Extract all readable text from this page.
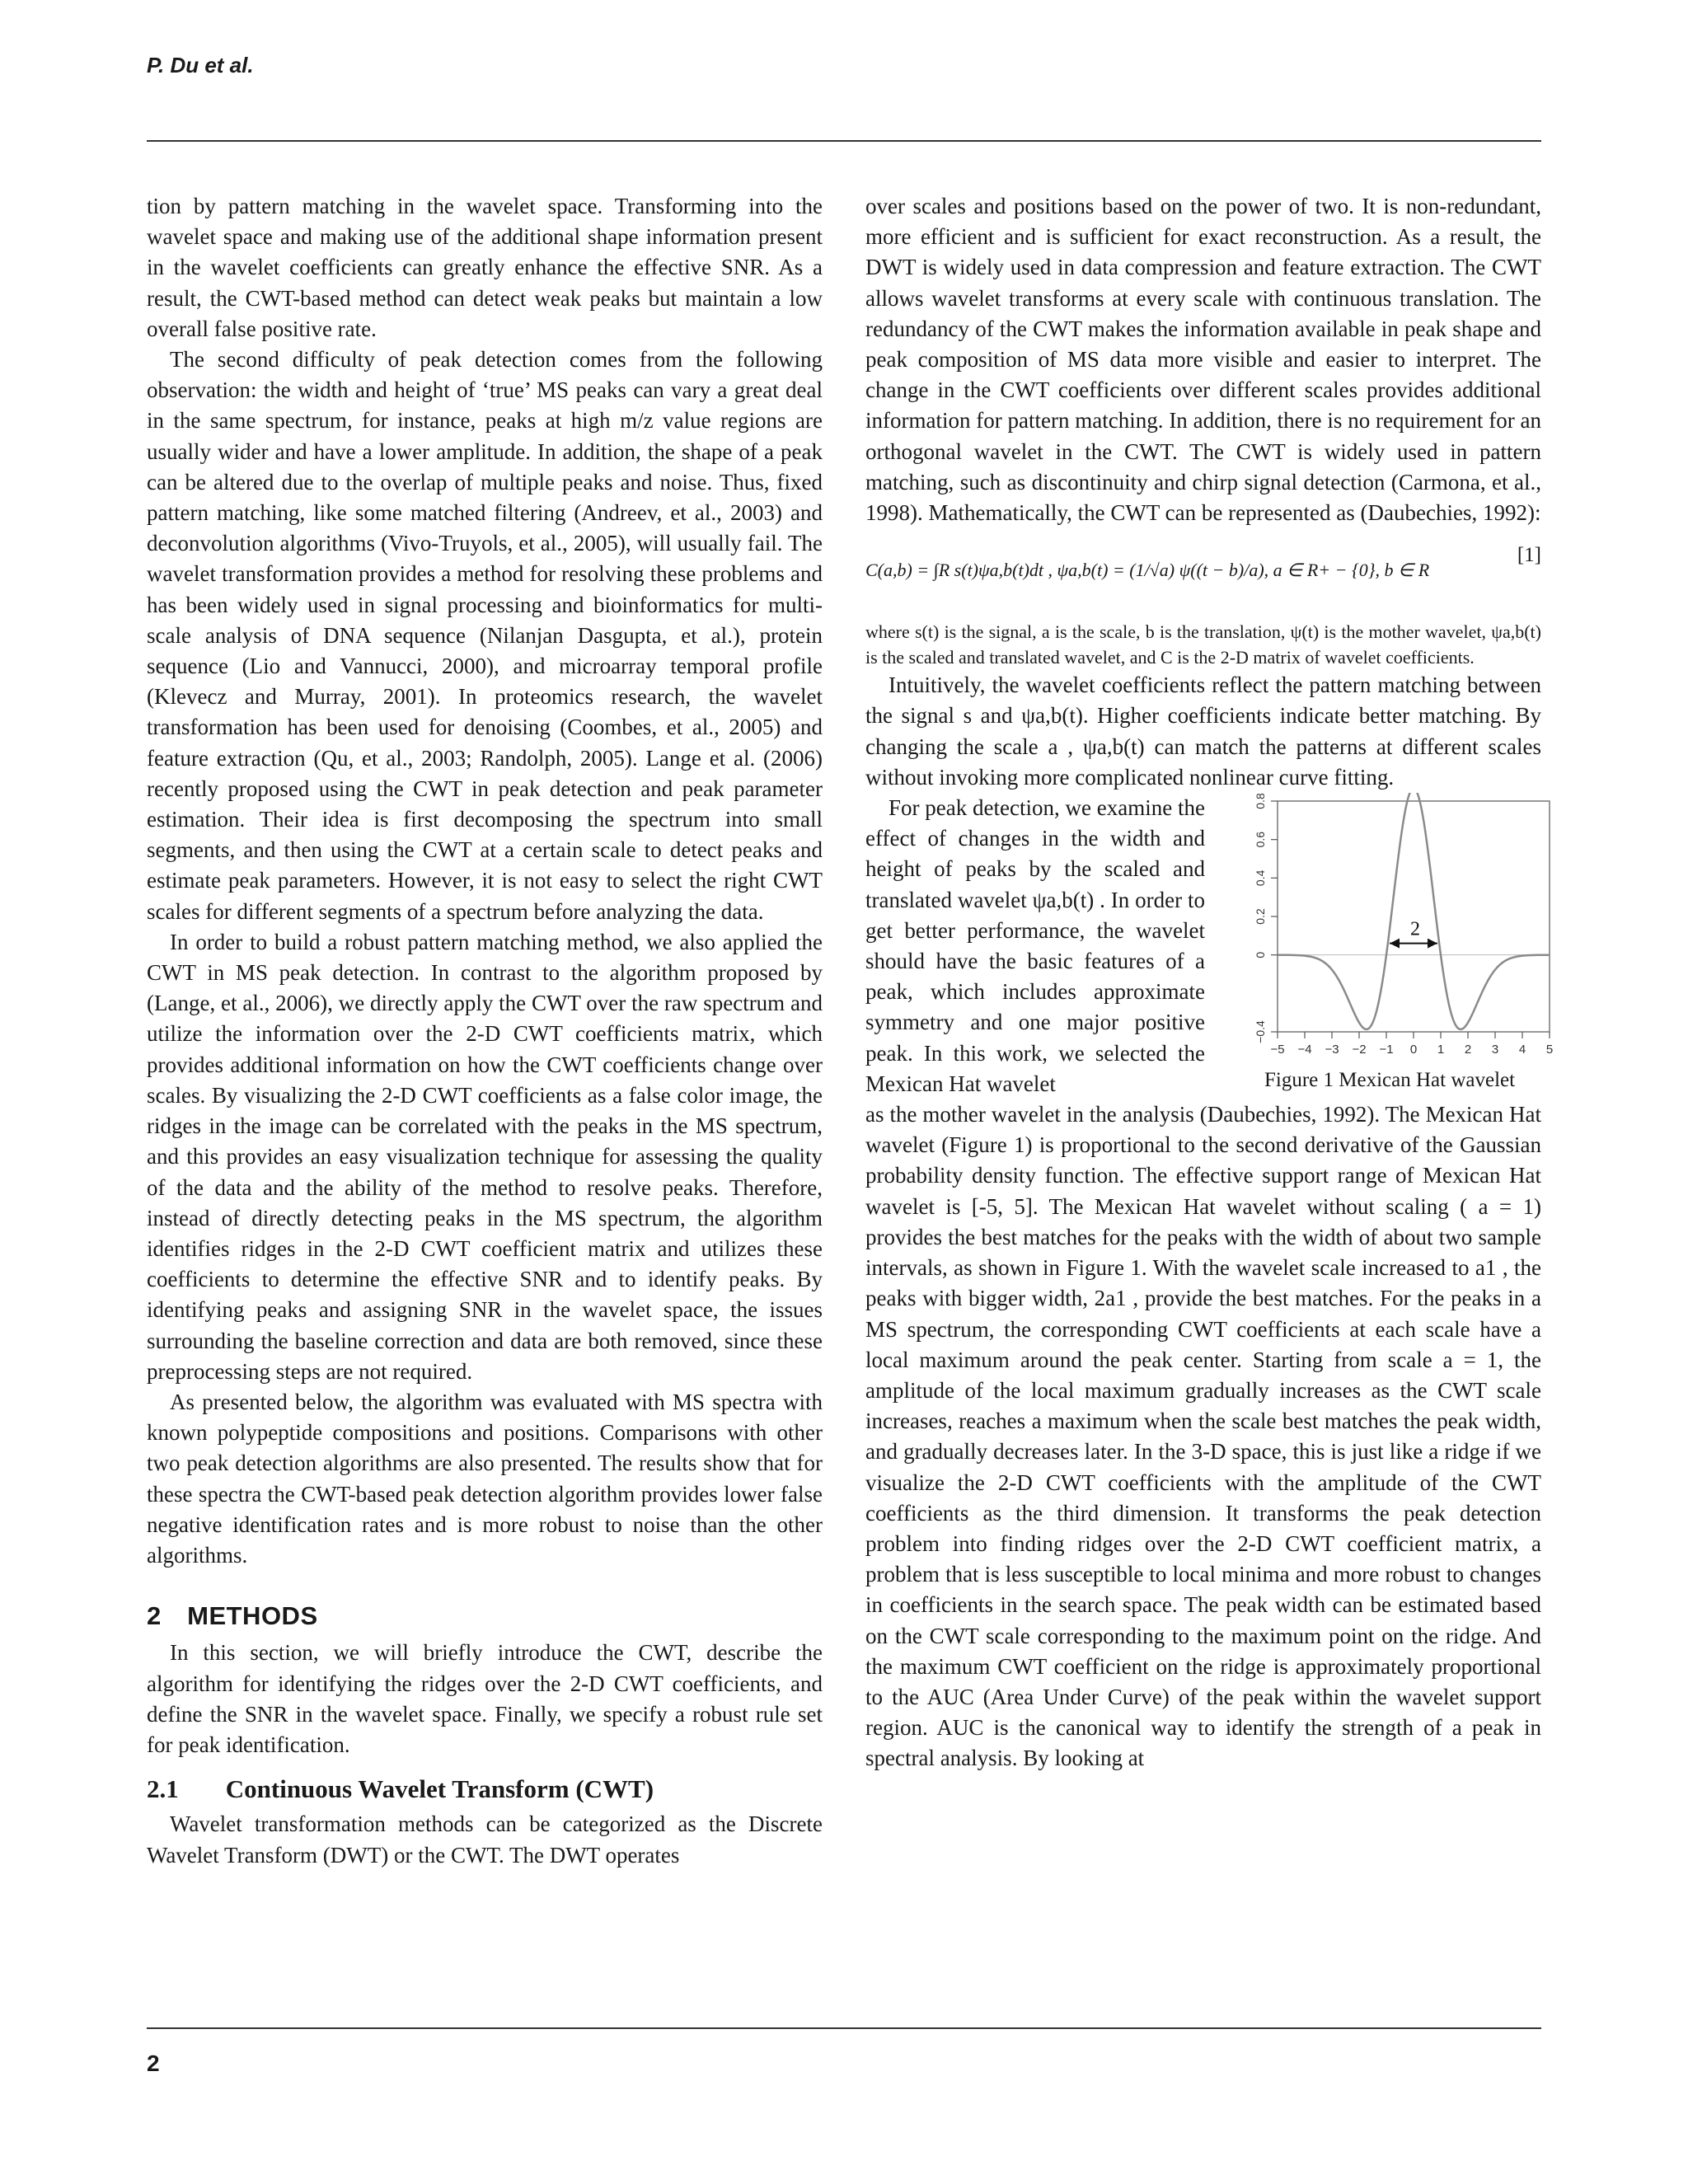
P. Du et al.

tion by pattern matching in the wavelet space. Transforming into the wavelet space and making use of the additional shape information present in the wavelet coefficients can greatly enhance the effective SNR. As a result, the CWT-based method can detect weak peaks but maintain a low overall false positive rate.

The second difficulty of peak detection comes from the following observation: the width and height of ‘true’ MS peaks can vary a great deal in the same spectrum, for instance, peaks at high m/z value regions are usually wider and have a lower amplitude. In addition, the shape of a peak can be altered due to the overlap of multiple peaks and noise. Thus, fixed pattern matching, like some matched filtering (Andreev, et al., 2003) and deconvolution algorithms (Vivo-Truyols, et al., 2005), will usually fail. The wavelet transformation provides a method for resolving these problems and has been widely used in signal processing and bioinformatics for multi-scale analysis of DNA sequence (Nilanjan Dasgupta, et al.), protein sequence (Lio and Vannucci, 2000), and microarray temporal profile (Klevecz and Murray, 2001). In proteomics research, the wavelet transformation has been used for denoising (Coombes, et al., 2005) and feature extraction (Qu, et al., 2003; Randolph, 2005). Lange et al. (2006) recently proposed using the CWT in peak detection and peak parameter estimation. Their idea is first decomposing the spectrum into small segments, and then using the CWT at a certain scale to detect peaks and estimate peak parameters. However, it is not easy to select the right CWT scales for different segments of a spectrum before analyzing the data.

In order to build a robust pattern matching method, we also applied the CWT in MS peak detection. In contrast to the algorithm proposed by (Lange, et al., 2006), we directly apply the CWT over the raw spectrum and utilize the information over the 2-D CWT coefficients matrix, which provides additional information on how the CWT coefficients change over scales. By visualizing the 2-D CWT coefficients as a false color image, the ridges in the image can be correlated with the peaks in the MS spectrum, and this provides an easy visualization technique for assessing the quality of the data and the ability of the method to resolve peaks. Therefore, instead of directly detecting peaks in the MS spectrum, the algorithm identifies ridges in the 2-D CWT coefficient matrix and utilizes these coefficients to determine the effective SNR and to identify peaks. By identifying peaks and assigning SNR in the wavelet space, the issues surrounding the baseline correction and data are both removed, since these preprocessing steps are not required.

As presented below, the algorithm was evaluated with MS spectra with known polypeptide compositions and positions. Comparisons with other two peak detection algorithms are also presented. The results show that for these spectra the CWT-based peak detection algorithm provides lower false negative identification rates and is more robust to noise than the other algorithms.

2 METHODS

In this section, we will briefly introduce the CWT, describe the algorithm for identifying the ridges over the 2-D CWT coefficients, and define the SNR in the wavelet space. Finally, we specify a robust rule set for peak identification.

2.1 Continuous Wavelet Transform (CWT)

Wavelet transformation methods can be categorized as the Discrete Wavelet Transform (DWT) or the CWT. The DWT operates

over scales and positions based on the power of two. It is non-redundant, more efficient and is sufficient for exact reconstruction. As a result, the DWT is widely used in data compression and feature extraction. The CWT allows wavelet transforms at every scale with continuous translation. The redundancy of the CWT makes the information available in peak shape and peak composition of MS data more visible and easier to interpret. The change in the CWT coefficients over different scales provides additional information for pattern matching. In addition, there is no requirement for an orthogonal wavelet in the CWT. The CWT is widely used in pattern matching, such as discontinuity and chirp signal detection (Carmona, et al., 1998). Mathematically, the CWT can be represented as (Daubechies, 1992):

C(a,b) = ∫R s(t)ψa,b(t)dt , ψa,b(t) = (1/√a) ψ((t − b)/a), a ∈ R+ − {0}, b ∈ R
[1]

where s(t) is the signal, a is the scale, b is the translation, ψ(t) is the mother wavelet, ψa,b(t) is the scaled and translated wavelet, and C is the 2-D matrix of wavelet coefficients.

Intuitively, the wavelet coefficients reflect the pattern matching between the signal s and ψa,b(t). Higher coefficients indicate better matching. By changing the scale a , ψa,b(t) can match the patterns at different scales without invoking more complicated nonlinear curve fitting.

For peak detection, we examine the effect of changes in the width and height of peaks by the scaled and translated wavelet ψa,b(t) . In order to get better performance, the wavelet should have the basic features of a peak, which includes approximate symmetry and one major positive peak. In this work, we selected the Mexican Hat wavelet

−5 −4 −3 −2 −1 0 1 2 3 4 5
−0.4
0
0.2
0.4
0.6
0.8
2
Figure 1 Mexican Hat wavelet

as the mother wavelet in the analysis (Daubechies, 1992). The Mexican Hat wavelet (Figure 1) is proportional to the second derivative of the Gaussian probability density function. The effective support range of Mexican Hat wavelet is [-5, 5]. The Mexican Hat wavelet without scaling ( a = 1) provides the best matches for the peaks with the width of about two sample intervals, as shown in Figure 1. With the wavelet scale increased to a1 , the peaks with bigger width, 2a1 , provide the best matches. For the peaks in a MS spectrum, the corresponding CWT coefficients at each scale have a local maximum around the peak center. Starting from scale a = 1, the amplitude of the local maximum gradually increases as the CWT scale increases, reaches a maximum when the scale best matches the peak width, and gradually decreases later. In the 3-D space, this is just like a ridge if we visualize the 2-D CWT coefficients with the amplitude of the CWT coefficients as the third dimension. It transforms the peak detection problem into finding ridges over the 2-D CWT coefficient matrix, a problem that is less susceptible to local minima and more robust to changes in coefficients in the search space. The peak width can be estimated based on the CWT scale corresponding to the maximum point on the ridge. And the maximum CWT coefficient on the ridge is approximately proportional to the AUC (Area Under Curve) of the peak within the wavelet support region. AUC is the canonical way to identify the strength of a peak in spectral analysis. By looking at

2
